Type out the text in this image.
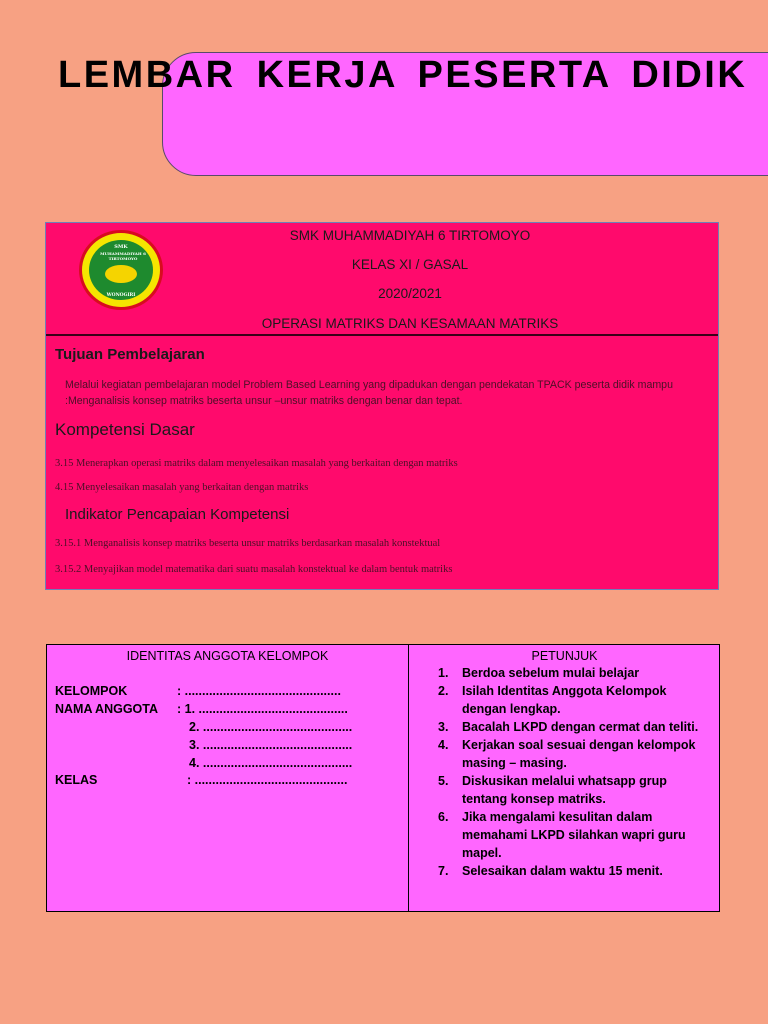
LEMBAR KERJA PESERTA DIDIK
SMK
MUHAMMADIYAH 6 TIRTOMOYO
WONOGIRI

SMK MUHAMMADIYAH 6 TIRTOMOYO

KELAS XI / GASAL

2020/2021

OPERASI MATRIKS DAN KESAMAAN MATRIKS

Tujuan Pembelajaran

Melalui kegiatan pembelajaran model Problem Based Learning yang dipadukan dengan pendekatan TPACK peserta didik mampu :Menganalisis konsep matriks beserta unsur –unsur matriks dengan benar dan tepat.

Kompetensi Dasar

3.15 Menerapkan operasi matriks dalam menyelesaikan masalah yang berkaitan dengan matriks

4.15 Menyelesaikan masalah yang berkaitan dengan matriks

Indikator Pencapaian Kompetensi

3.15.1 Menganalisis konsep matriks beserta unsur matriks berdasarkan masalah konstektual

3.15.2 Menyajikan model matematika dari suatu masalah konstektual ke dalam bentuk matriks

IDENTITAS ANGGOTA KELOMPOK

KELOMPOK	: .............................................
NAMA ANGGOTA : 1. ...........................................
2. ...........................................
3. ...........................................
4. ...........................................
KELAS	: ............................................

PETUNJUK

1. Berdoa sebelum mulai belajar
2. Isilah Identitas Anggota Kelompok dengan lengkap.
3. Bacalah LKPD dengan cermat dan teliti.
4. Kerjakan soal sesuai dengan kelompok masing – masing.
5. Diskusikan melalui whatsapp grup tentang konsep matriks.
6. Jika mengalami kesulitan dalam memahami LKPD silahkan wapri guru mapel.
7. Selesaikan dalam waktu 15 menit.
